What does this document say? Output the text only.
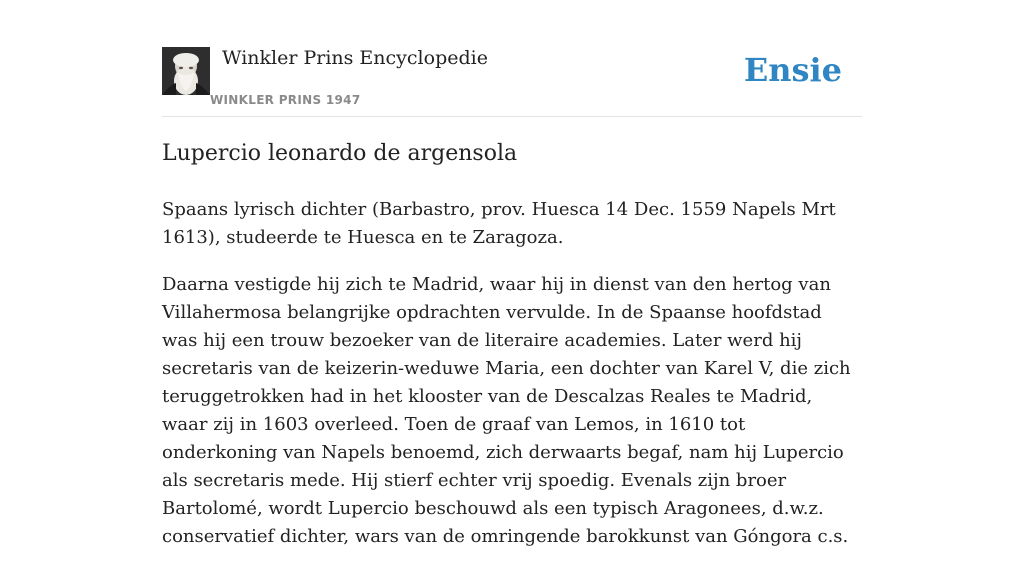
Winkler Prins Encyclopedie
WINKLER PRINS 1947
Ensie
Lupercio leonardo de argensola

Spaans lyrisch dichter (Barbastro, prov. Huesca 14 Dec. 1559 Napels Mrt 1613), studeerde te Huesca en te Zaragoza.

Daarna vestigde hij zich te Madrid, waar hij in dienst van den hertog van Villahermosa belangrijke opdrachten vervulde. In de Spaanse hoofdstad was hij een trouw bezoeker van de literaire academies. Later werd hij secretaris van de keizerin-weduwe Maria, een dochter van Karel V, die zich teruggetrokken had in het klooster van de Descalzas Reales te Madrid, waar zij in 1603 overleed. Toen de graaf van Lemos, in 1610 tot onderkoning van Napels benoemd, zich derwaarts begaf, nam hij Lupercio als secretaris mede. Hij stierf echter vrij spoedig. Evenals zijn broer Bartolomé, wordt Lupercio beschouwd als een typisch Aragonees, d.w.z. conservatief dichter, wars van de omringende barokkunst van Góngora c.s.
